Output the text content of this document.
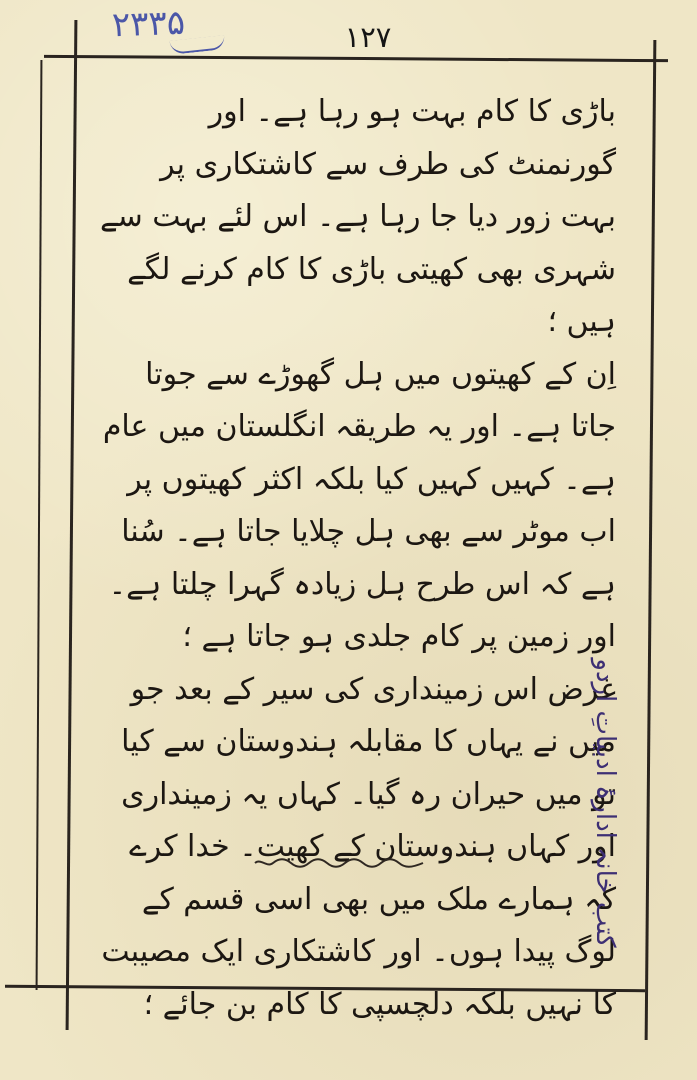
۲۳۳۵	۱۲۷

باڑی کا کام بہت ہو رہا ہے۔ اور گورنمنٹ کی طرف سے کاشتکاری پر بہت زور دیا جا رہا ہے۔ اس لئے بہت سے شہری بھی کھیتی باڑی کا کام کرنے لگے ہیں ؛

اِن کے کھیتوں میں ہل گھوڑے سے جوتا جاتا ہے۔ اور یہ طریقہ انگلستان میں عام ہے۔ کہیں کہیں کیا بلکہ اکثر کھیتوں پر اب موٹر سے بھی ہل چلایا جاتا ہے۔ سُنا ہے کہ اس طرح ہل زیادہ گہرا چلتا ہے۔ اور زمین پر کام جلدی ہو جاتا ہے ؛

غرض اس زمینداری کی سیر کے بعد جو میں نے یہاں کا مقابلہ ہندوستان سے کیا تو میں حیران رہ گیا۔ کہاں یہ زمینداری اور کہاں ہندوستان کے کھیت۔ خدا کرے کہ ہمارے ملک میں بھی اسی قسم کے لوگ پیدا ہوں۔ اور کاشتکاری ایک مصیبت کا نہیں بلکہ دلچسپی کا کام بن جائے ؛

کتب خانہ ادارۂ ادبیاتِ اردو
